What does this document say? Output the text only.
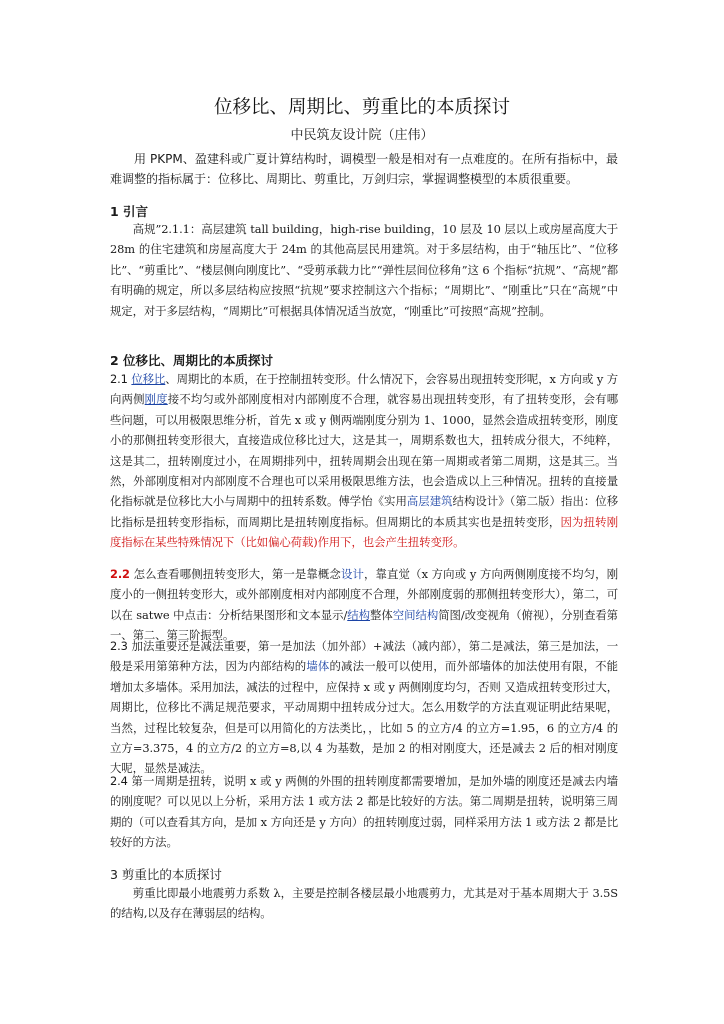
位移比、周期比、剪重比的本质探讨
中民筑友设计院（庄伟）
用 PKPM、盈建科或广夏计算结构时，调模型一般是相对有一点难度的。在所有指标中，最难调整的指标属于：位移比、周期比、剪重比，万剑归宗，掌握调整模型的本质很重要。
1 引言
高规”2.1.1：高层建筑 tall building，high-rise building，10 层及 10 层以上或房屋高度大于 28m 的住宅建筑和房屋高度大于 24m 的其他高层民用建筑。对于多层结构，由于“轴压比”、“位移比”、“剪重比”、“楼层侧向刚度比”、“受剪承载力比”“弹性层间位移角”这 6 个指标“抗规”、“高规”都有明确的规定，所以多层结构应按照“抗规”要求控制这六个指标；“周期比”、“刚重比”只在“高规”中规定，对于多层结构，“周期比”可根据具体情况适当放宽，“刚重比”可按照“高规”控制。
2 位移比、周期比的本质探讨
2.1 位移比、周期比的本质，在于控制扭转变形。什么情况下，会容易出现扭转变形呢，x 方向或 y 方向两侧刚度接不均匀或外部刚度相对内部刚度不合理，就容易出现扭转变形，有了扭转变形，会有哪些问题，可以用极限思维分析，首先 x 或 y 侧两端刚度分别为 1、1000，显然会造成扭转变形，刚度小的那侧扭转变形很大，直接造成位移比过大，这是其一，周期系数也大，扭转成分很大，不纯粹，这是其二，扭转刚度过小，在周期排列中，扭转周期会出现在第一周期或者第二周期，这是其三。当然，外部刚度相对内部刚度不合理也可以采用极限思维方法，也会造成以上三种情况。扭转的直接量化指标就是位移比大小与周期中的扭转系数。傅学怡《实用高层建筑结构设计》（第二版）指出：位移比指标是扭转变形指标，而周期比是扭转刚度指标。但周期比的本质其实也是扭转变形，因为扭转刚度指标在某些特殊情况下（比如偏心荷载)作用下，也会产生扭转变形。
2.2 怎么查看哪侧扭转变形大，第一是靠概念设计，靠直觉（x 方向或 y 方向两侧刚度接不均匀，刚度小的一侧扭转变形大，或外部刚度相对内部刚度不合理，外部刚度弱的那侧扭转变形大），第二，可以在 satwe 中点击：分析结果图形和文本显示/结构整体空间结构简图/改变视角（俯视），分别查看第一、第二、第三阶振型。
2.3 加法重要还是减法重要，第一是加法（加外部）+减法（减内部），第二是减法，第三是加法，一般是采用第第种方法，因为内部结构的墙体的减法一般可以使用，而外部墙体的加法使用有限，不能增加太多墙体。采用加法，减法的过程中，应保持 x 或 y 两侧刚度均匀，否则 又造成扭转变形过大，周期比，位移比不满足规范要求，平动周期中扭转成分过大。怎么用数学的方法直观证明此结果呢，当然，过程比较复杂，但是可以用简化的方法类比，，比如 5 的立方/4 的立方=1.95，6 的立方/4 的立方=3.375，4 的立方/2 的立方=8,以 4 为基数，是加 2 的相对刚度大，还是减去 2 后的相对刚度大呢，显然是减法。
2.4 第一周期是扭转，说明 x 或 y 两侧的外围的扭转刚度都需要增加，是加外墙的刚度还是减去内墙的刚度呢？可以见以上分析，采用方法 1 或方法 2 都是比较好的方法。第二周期是扭转，说明第三周期的（可以查看其方向，是加 x 方向还是 y 方向）的扭转刚度过弱，同样采用方法 1 或方法 2 都是比较好的方法。
3 剪重比的本质探讨
剪重比即最小地震剪力系数 λ，主要是控制各楼层最小地震剪力，尤其是对于基本周期大于 3.5S 的结构,以及存在薄弱层的结构。
